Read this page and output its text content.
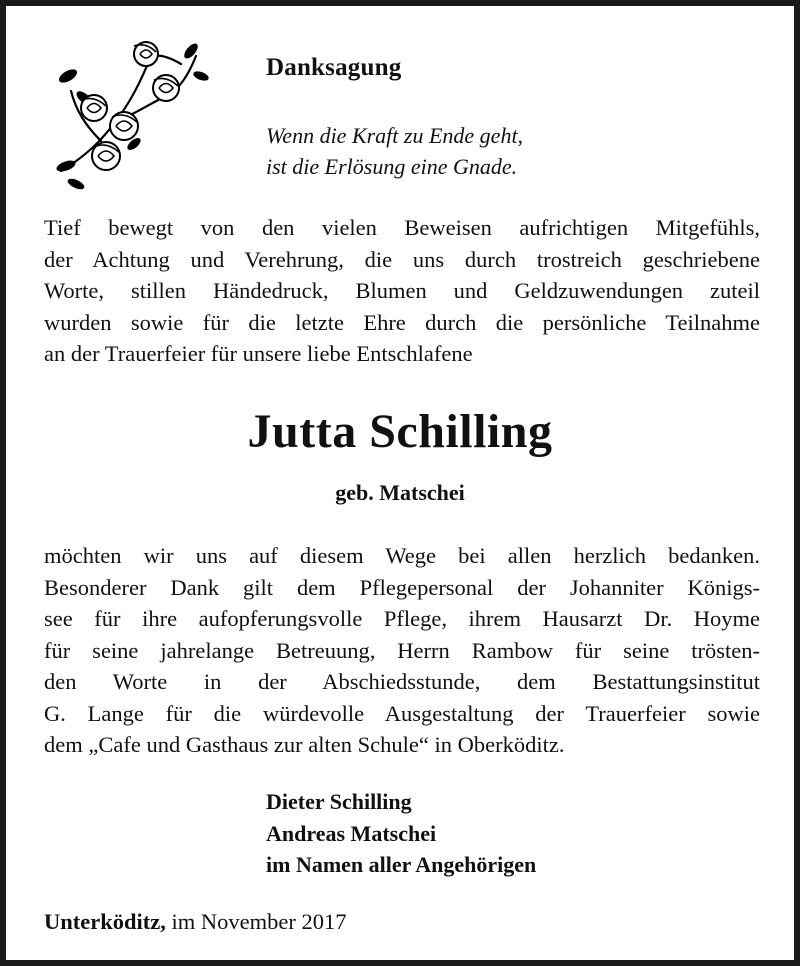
Danksagung
Wenn die Kraft zu Ende geht,
ist die Erlösung eine Gnade.
Tief bewegt von den vielen Beweisen aufrichtigen Mitgefühls,
der Achtung und Verehrung, die uns durch trostreich geschriebene
Worte, stillen Händedruck, Blumen und Geldzuwendungen zuteil
wurden sowie für die letzte Ehre durch die persönliche Teilnahme
an der Trauerfeier für unsere liebe Entschlafene
Jutta Schilling
geb. Matschei
möchten wir uns auf diesem Wege bei allen herzlich bedanken.
Besonderer Dank gilt dem Pflegepersonal der Johanniter Königs-
see für ihre aufopferungsvolle Pflege, ihrem Hausarzt Dr. Hoyme
für seine jahrelange Betreuung, Herrn Rambow für seine trösten-
den Worte in der Abschiedsstunde, dem Bestattungsinstitut
G. Lange für die würdevolle Ausgestaltung der Trauerfeier sowie
dem „Cafe und Gasthaus zur alten Schule“ in Oberköditz.
Dieter Schilling
Andreas Matschei
im Namen aller Angehörigen
Unterköditz, im November 2017
